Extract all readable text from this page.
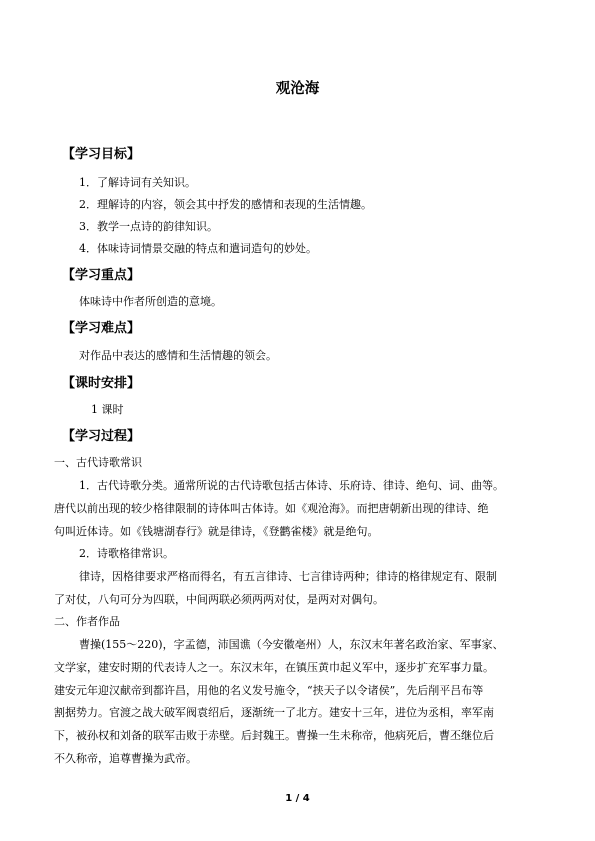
观沧海
【学习目标】
1．了解诗词有关知识。
2．理解诗的内容，领会其中抒发的感情和表现的生活情趣。
3．教学一点诗的韵律知识。
4．体味诗词情景交融的特点和遣词造句的妙处。
【学习重点】
体味诗中作者所创造的意境。
【学习难点】
对作品中表达的感情和生活情趣的领会。
【课时安排】
1 课时
【学习过程】
一、古代诗歌常识
1．古代诗歌分类。通常所说的古代诗歌包括古体诗、乐府诗、律诗、绝句、词、曲等。
唐代以前出现的较少格律限制的诗体叫古体诗。如《观沧海》。而把唐朝新出现的律诗、绝
句叫近体诗。如《钱塘湖春行》就是律诗，《登鹳雀楼》就是绝句。
2．诗歌格律常识。
律诗，因格律要求严格而得名，有五言律诗、七言律诗两种；律诗的格律规定有、限制
了对仗，八句可分为四联，中间两联必须两两对仗，是两对对偶句。
二、作者作品
曹操(155～220)，字孟德，沛国谯（今安徽亳州）人，东汉末年著名政治家、军事家、
文学家，建安时期的代表诗人之一。东汉末年，在镇压黄巾起义军中，逐步扩充军事力量。
建安元年迎汉献帝到都许昌，用他的名义发号施令，“挟天子以令诸侯”，先后削平吕布等
割据势力。官渡之战大破军阀袁绍后，逐渐统一了北方。建安十三年，进位为丞相，率军南
下，被孙权和刘备的联军击败于赤壁。后封魏王。曹操一生未称帝，他病死后，曹丕继位后
不久称帝，追尊曹操为武帝。
1 / 4
